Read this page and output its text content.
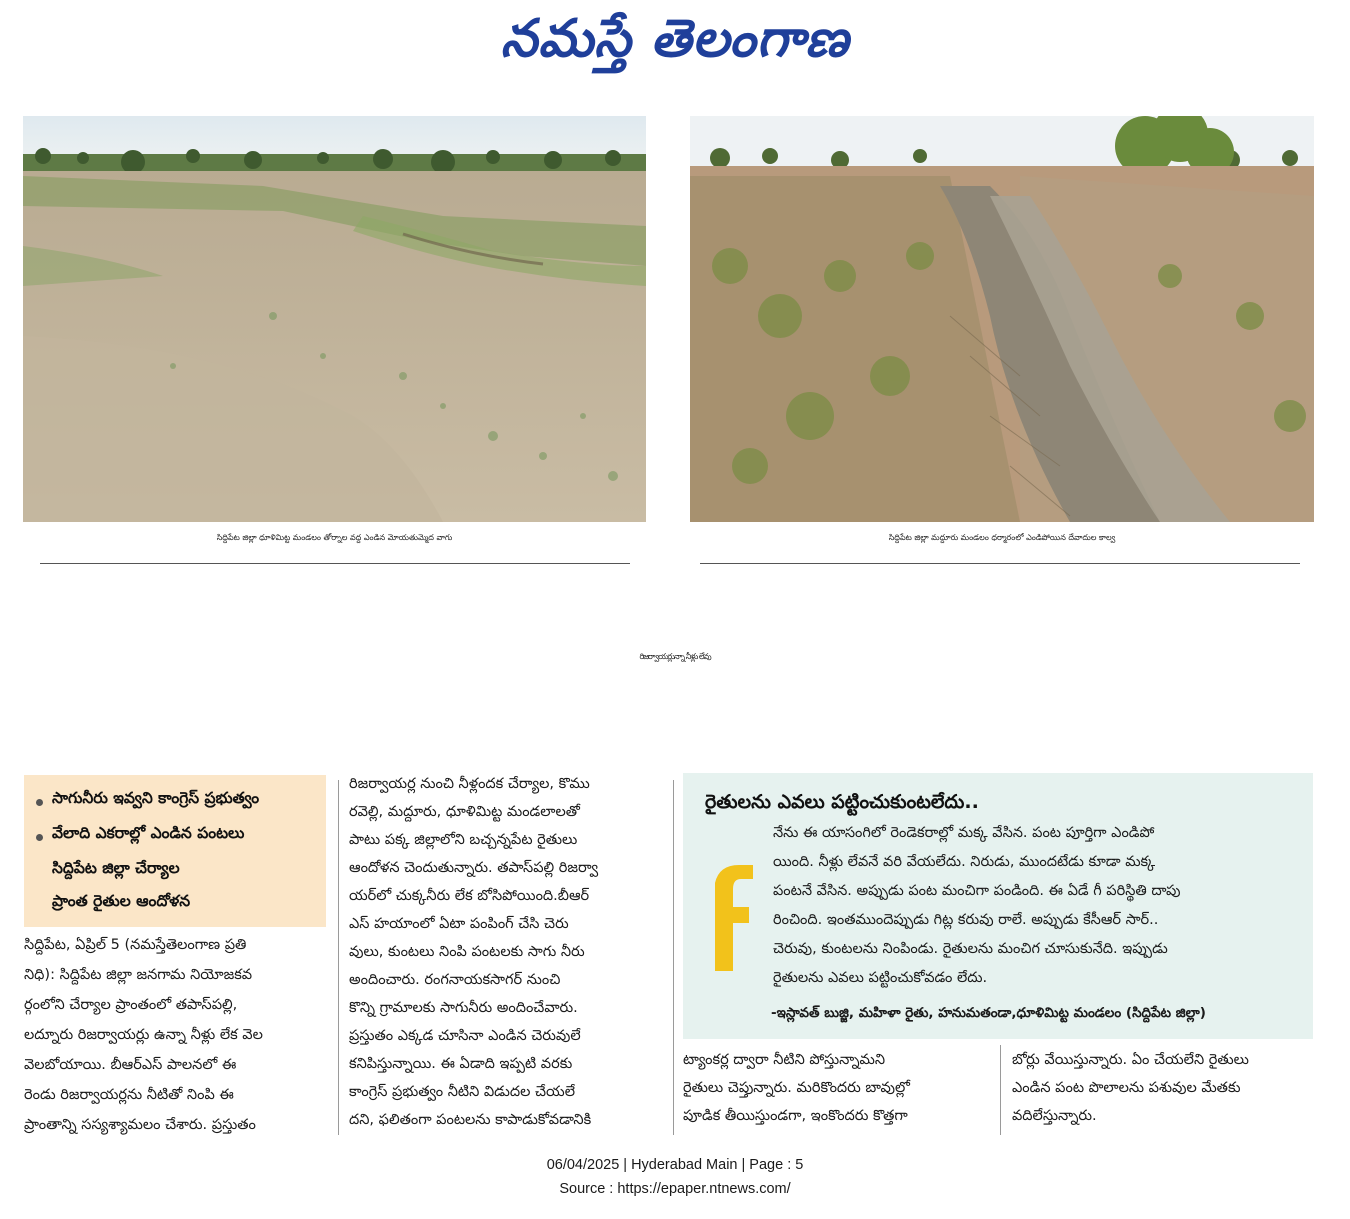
నమస్తే తెలంగాణ
సిద్దిపేట జిల్లా ధూళిమిట్ట మండలం తోర్నాల వద్ద ఎండిన మోయతుమ్మెద వాగు	సిద్దిపేట జిల్లా మద్దూరు మండలం ధర్మారంలో ఎండిపోయిన దేవాదుల కాల్వ
రిజర్వాయర్లున్నా నీళ్లు లేవు
సాగునీరు ఇవ్వని కాంగ్రెస్ ప్రభుత్వం
వేలాది ఎకరాల్లో ఎండిన పంటలు
సిద్దిపేట జిల్లా చేర్యాల
ప్రాంత రైతుల ఆందోళన
సిద్దిపేట, ఏప్రిల్ 5 (నమస్తేతెలంగాణ ప్రతి
నిధి): సిద్దిపేట జిల్లా జనగామ నియోజకవ
ర్గంలోని చేర్యాల ప్రాంతంలో తపాస్‌పల్లి,
లద్నూరు రిజర్వాయర్లు ఉన్నా నీళ్లు లేక వెల
వెలబోయాయి. బీఆర్ఎస్ పాలనలో ఈ
రెండు రిజర్వాయర్లను నీటితో నింపి ఈ
ప్రాంతాన్ని సస్యశ్యామలం చేశారు. ప్రస్తుతం
రిజర్వాయర్ల నుంచి నీళ్లందక చేర్యాల, కొము
రవెల్లి, మద్దూరు, ధూళిమిట్ట మండలాలతో
పాటు పక్క జిల్లాలోని బచ్చన్నపేట రైతులు
ఆందోళన చెందుతున్నారు. తపాస్‌పల్లి రిజర్వా
యర్‌లో చుక్కనీరు లేక బోసిపోయింది.బీఆర్
ఎస్ హయాంలో ఏటా పంపింగ్ చేసి చెరు
వులు, కుంటలు నింపి పంటలకు సాగు నీరు
అందించారు. రంగనాయకసాగర్ నుంచి
కొన్ని గ్రామాలకు సాగునీరు అందించేవారు.
ప్రస్తుతం ఎక్కడ చూసినా ఎండిన చెరువులే
కనిపిస్తున్నాయి. ఈ ఏడాది ఇప్పటి వరకు
కాంగ్రెస్ ప్రభుత్వం నీటిని విడుదల చేయలే
దని, ఫలితంగా పంటలను కాపాడుకోవడానికి
రైతులను ఎవలు పట్టించుకుంటలేదు..
నేను ఈ యాసంగిలో రెండెకరాల్లో మక్క వేసిన. పంట పూర్తిగా ఎండిపో
యింది. నీళ్లు లేవనే వరి వేయలేదు. నిరుడు, ముందటేడు కూడా మక్క
పంటనే వేసిన. అప్పుడు పంట మంచిగా పండింది. ఈ ఏడే గీ పరిస్థితి దాపు
రించింది. ఇంతముందెప్పుడు గిట్ల కరువు రాలే. అప్పుడు కేసీఆర్ సార్..
చెరువు, కుంటలను నింపిండు. రైతులను మంచిగ చూసుకునేది. ఇప్పుడు
రైతులను ఎవలు పట్టించుకోవడం లేదు.
-ఇస్లావత్ బుజ్జి, మహిళా రైతు, హనుమతండా,ధూళిమిట్ట మండలం (సిద్దిపేట జిల్లా)
ట్యాంకర్ల ద్వారా నీటిని పోస్తున్నామని
రైతులు చెప్తున్నారు. మరికొందరు బావుల్లో
పూడిక తీయిస్తుండగా, ఇంకొందరు కొత్తగా
బోర్లు వేయిస్తున్నారు. ఏం చేయలేని రైతులు
ఎండిన పంట పొలాలను పశువుల మేతకు
వదిలేస్తున్నారు.
06/04/2025 | Hyderabad Main | Page : 5
Source : https://epaper.ntnews.com/
